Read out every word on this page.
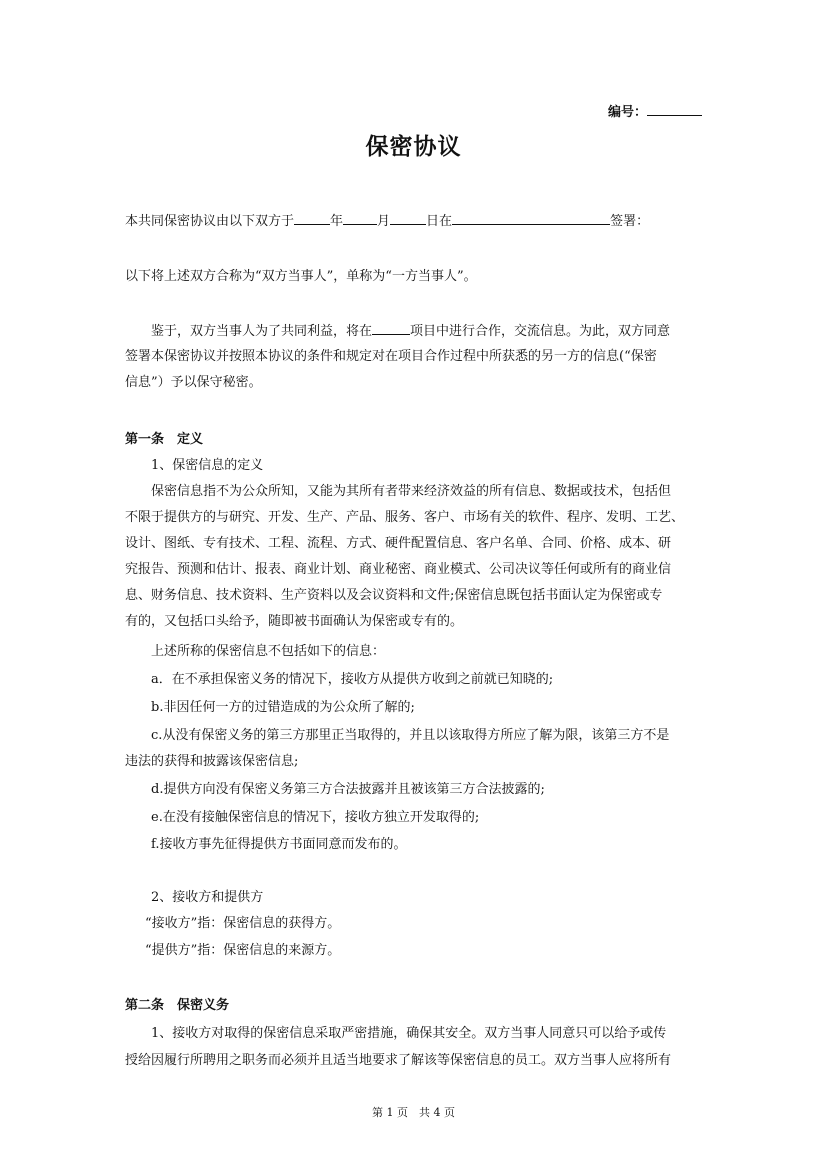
编号：
保密协议
本共同保密协议由以下双方于	年	月	日在	签署：
以下将上述双方合称为“双方当事人”，单称为“一方当事人”。
鉴于，双方当事人为了共同利益，将在	项目中进行合作，交流信息。为此，双方同意
签署本保密协议并按照本协议的条件和规定对在项目合作过程中所获悉的另一方的信息(“保密
信息”）予以保守秘密。
第一条　定义
1、保密信息的定义
保密信息指不为公众所知，又能为其所有者带来经济效益的所有信息、数据或技术，包括但
不限于提供方的与研究、开发、生产、产品、服务、客户、市场有关的软件、程序、发明、工艺、
设计、图纸、专有技术、工程、流程、方式、硬件配置信息、客户名单、合同、价格、成本、研
究报告、预测和估计、报表、商业计划、商业秘密、商业模式、公司决议等任何或所有的商业信
息、财务信息、技术资料、生产资料以及会议资料和文件;保密信息既包括书面认定为保密或专
有的，又包括口头给予，随即被书面确认为保密或专有的。
上述所称的保密信息不包括如下的信息：
a．在不承担保密义务的情况下，接收方从提供方收到之前就已知晓的;
b.非因任何一方的过错造成的为公众所了解的;
c.从没有保密义务的第三方那里正当取得的，并且以该取得方所应了解为限，该第三方不是
违法的获得和披露该保密信息;
d.提供方向没有保密义务第三方合法披露并且被该第三方合法披露的;
e.在没有接触保密信息的情况下，接收方独立开发取得的;
f.接收方事先征得提供方书面同意而发布的。
2、接收方和提供方
“接收方”指：保密信息的获得方。
“提供方”指：保密信息的来源方。
第二条　保密义务
1、接收方对取得的保密信息采取严密措施，确保其安全。双方当事人同意只可以给予或传
授给因履行所聘用之职务而必须并且适当地要求了解该等保密信息的员工。双方当事人应将所有
第 1 页　共 4 页
